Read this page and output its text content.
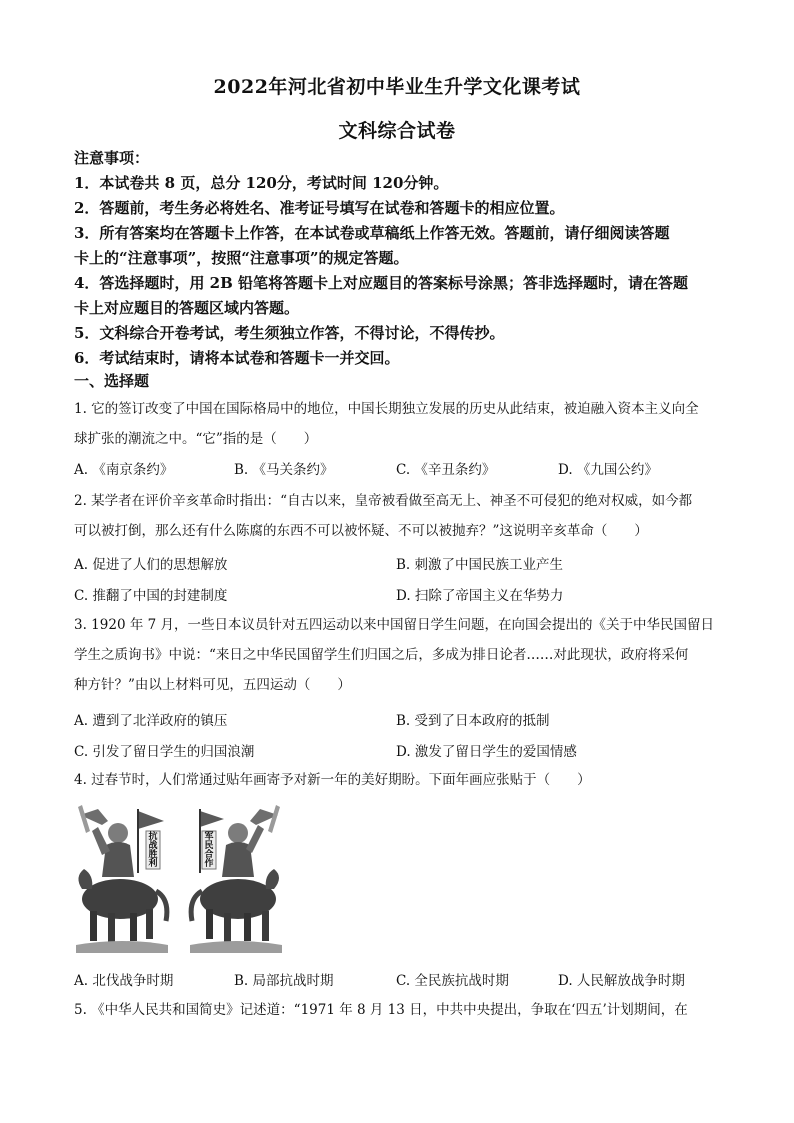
2022年河北省初中毕业生升学文化课考试
文科综合试卷
注意事项：
1．本试卷共 8 页，总分 120分，考试时间 120分钟。
2．答题前，考生务必将姓名、准考证号填写在试卷和答题卡的相应位置。
3．所有答案均在答题卡上作答，在本试卷或草稿纸上作答无效。答题前，请仔细阅读答题
卡上的“注意事项”，按照“注意事项”的规定答题。
4．答选择题时，用 2B 铅笔将答题卡上对应题目的答案标号涂黑；答非选择题时，请在答题
卡上对应题目的答题区域内答题。
5．文科综合开卷考试，考生须独立作答，不得讨论，不得传抄。
6．考试结束时，请将本试卷和答题卡一并交回。
一、选择题
1. 它的签订改变了中国在国际格局中的地位，中国长期独立发展的历史从此结束，被迫融入资本主义向全
球扩张的潮流之中。“它”指的是（　　）
A. 《南京条约》	B. 《马关条约》	C. 《辛丑条约》	D. 《九国公约》
2. 某学者在评价辛亥革命时指出：“自古以来，皇帝被看做至高无上、神圣不可侵犯的绝对权威，如今都
可以被打倒，那么还有什么陈腐的东西不可以被怀疑、不可以被抛弃？”这说明辛亥革命（　　）
A. 促进了人们的思想解放	B. 刺激了中国民族工业产生
C. 推翻了中国的封建制度	D. 扫除了帝国主义在华势力
3. 1920 年 7 月，一些日本议员针对五四运动以来中国留日学生问题，在向国会提出的《关于中华民国留日
学生之质询书》中说：“来日之中华民国留学生们归国之后，多成为排日论者……对此现状，政府将采何
种方针？”由以上材料可见，五四运动（　　）
A. 遭到了北洋政府的镇压	B. 受到了日本政府的抵制
C. 引发了留日学生的归国浪潮	D. 激发了留日学生的爱国情感
4. 过春节时，人们常通过贴年画寄予对新一年的美好期盼。下面年画应张贴于（　　）
抗战胜利
军民合作
A. 北伐战争时期	B. 局部抗战时期	C. 全民族抗战时期	D. 人民解放战争时期
5. 《中华人民共和国简史》记述道：“1971 年 8 月 13 日，中共中央提出，争取在‘四五’计划期间，在
